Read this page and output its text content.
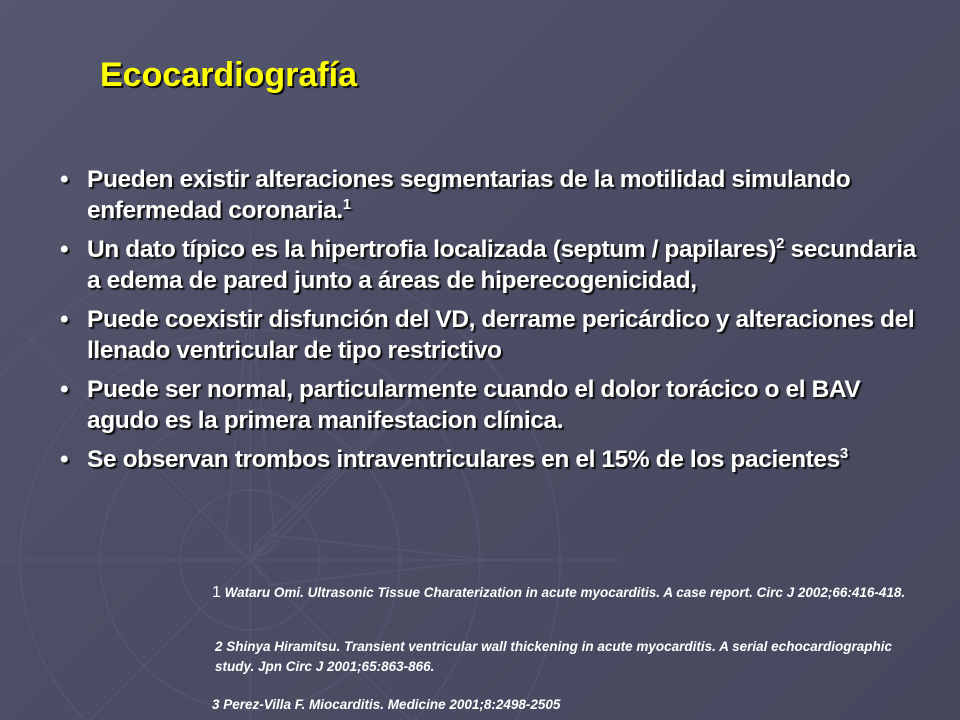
Ecocardiografía
• Pueden existir alteraciones segmentarias de la motilidad simulando enfermedad coronaria.$^1$
• Un dato típico es la hipertrofia localizada (septum / papilares)$^2$ secundaria a edema de pared junto a áreas de hiperecogenicidad,
• Puede coexistir disfunción del VD, derrame pericárdico y alteraciones del llenado ventricular de tipo restrictivo
• Puede ser normal, particularmente cuando el dolor torácico o el BAV agudo es la primera manifestacion clínica.
• Se observan trombos intraventriculares en el 15% de los pacientes$^3$
1 Wataru Omi. Ultrasonic Tissue Charaterization in acute myocarditis. A case report. Circ J 2002;66:416-418.
2 Shinya Hiramitsu. Transient ventricular wall thickening in acute myocarditis. A serial echocardiographic study. Jpn Circ J 2001;65:863-866.
3 Perez-Villa F. Miocarditis. Medicine 2001;8:2498-2505
